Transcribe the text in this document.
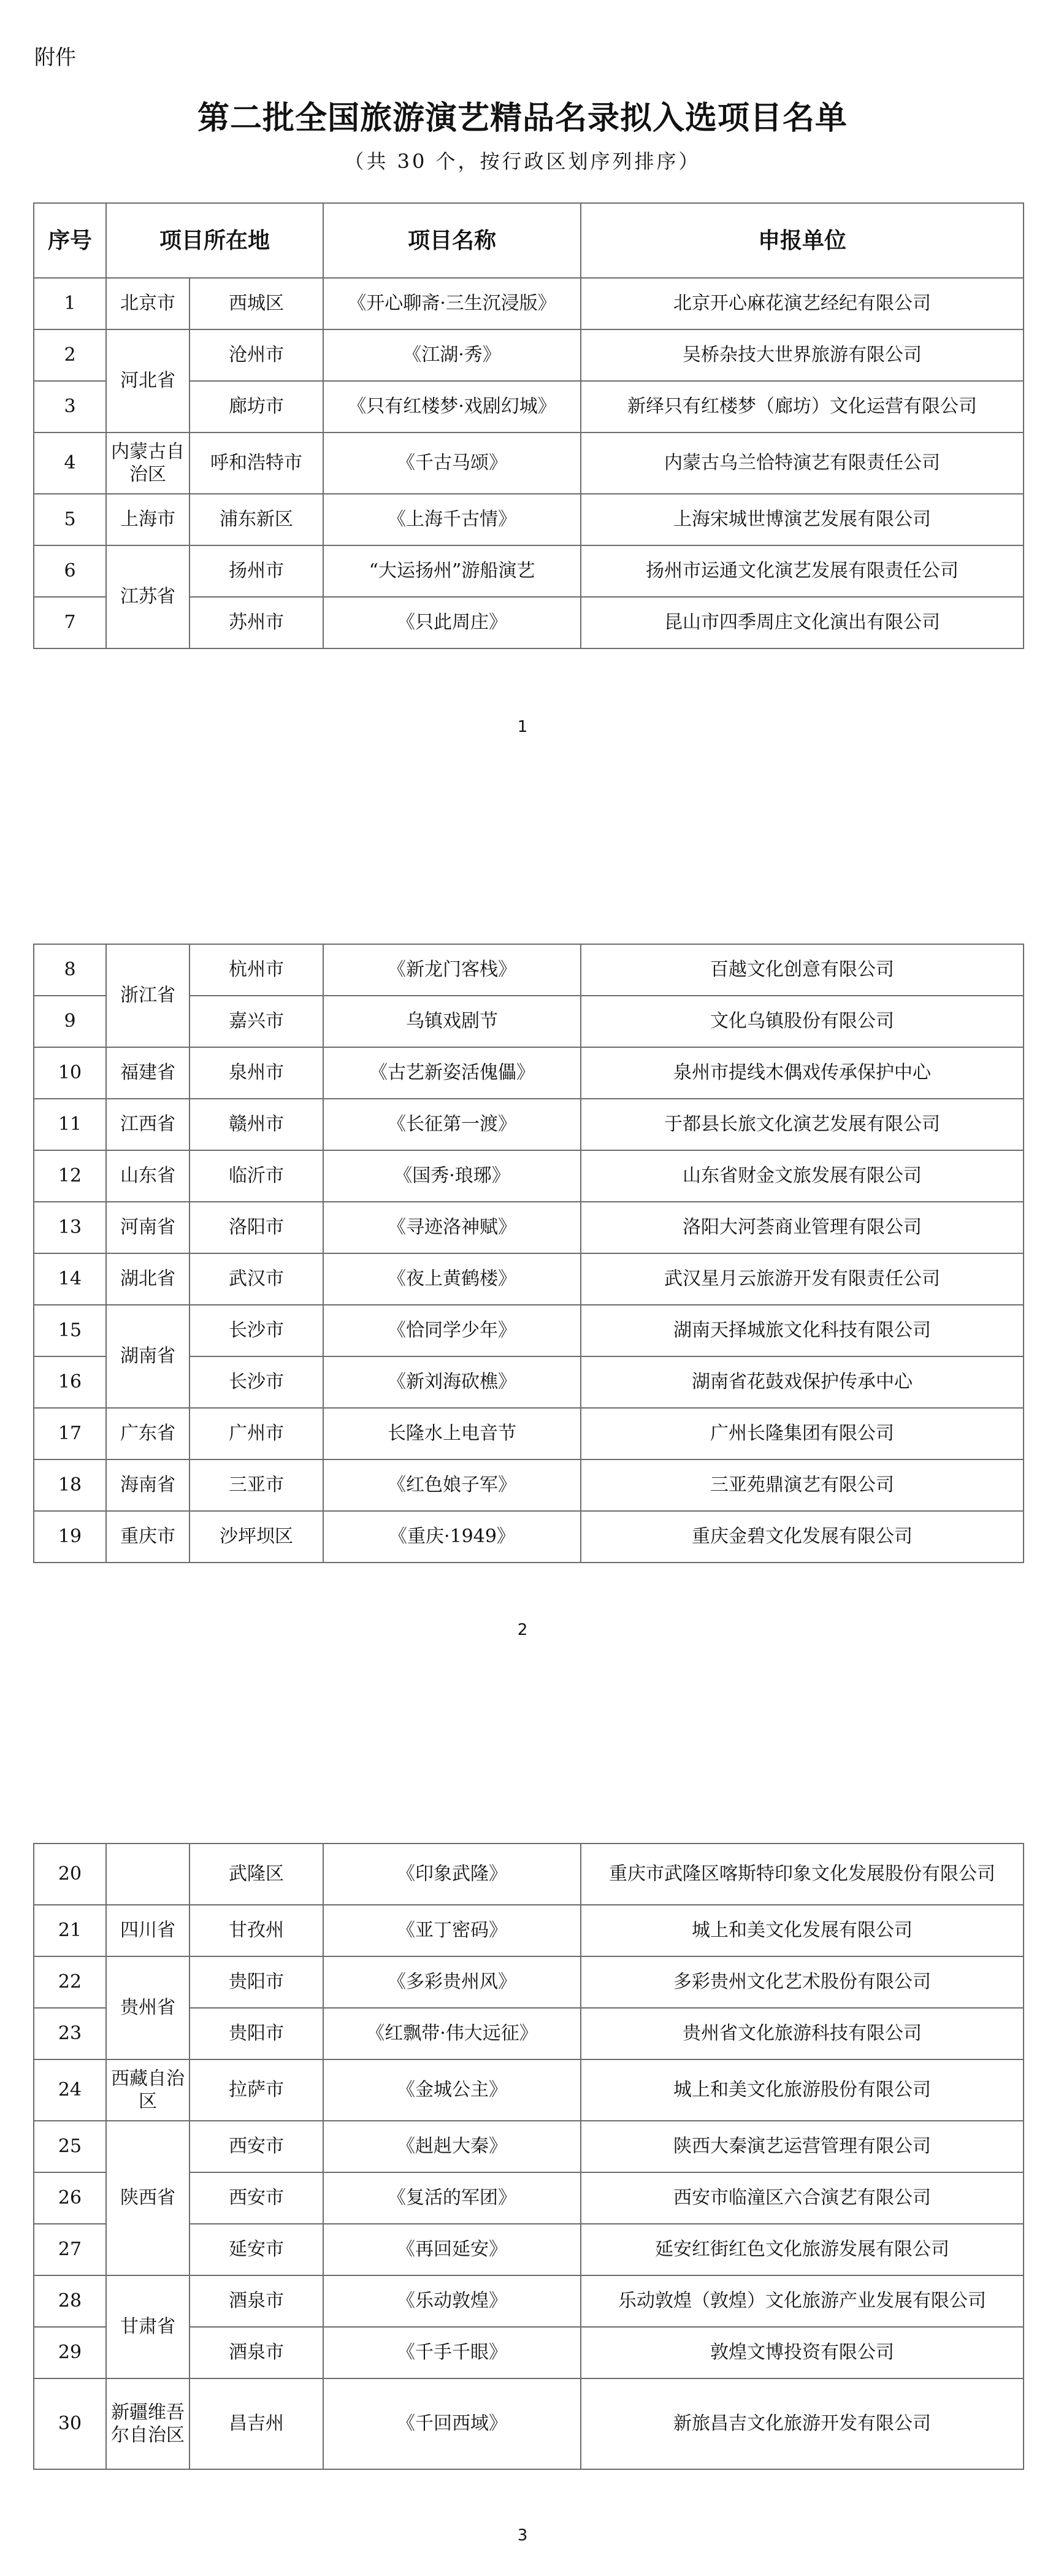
附件
第二批全国旅游演艺精品名录拟入选项目名单
（共 30 个，按行政区划序列排序）
序号	项目所在地		项目名称	申报单位
1	北京市	西城区	《开心聊斋·三生沉浸版》	北京开心麻花演艺经纪有限公司
2	河北省	沧州市	《江湖·秀》	吴桥杂技大世界旅游有限公司
3		廊坊市	《只有红楼梦·戏剧幻城》	新绎只有红楼梦（廊坊）文化运营有限公司
4	内蒙古自治区	呼和浩特市	《千古马颂》	内蒙古乌兰恰特演艺有限责任公司
5	上海市	浦东新区	《上海千古情》	上海宋城世博演艺发展有限公司
6	江苏省	扬州市	“大运扬州”游船演艺	扬州市运通文化演艺发展有限责任公司
7		苏州市	《只此周庄》	昆山市四季周庄文化演出有限公司
1
8	浙江省	杭州市	《新龙门客栈》	百越文化创意有限公司
9		嘉兴市	乌镇戏剧节	文化乌镇股份有限公司
10	福建省	泉州市	《古艺新姿活傀儡》	泉州市提线木偶戏传承保护中心
11	江西省	赣州市	《长征第一渡》	于都县长旅文化演艺发展有限公司
12	山东省	临沂市	《国秀·琅琊》	山东省财金文旅发展有限公司
13	河南省	洛阳市	《寻迹洛神赋》	洛阳大河荟商业管理有限公司
14	湖北省	武汉市	《夜上黄鹤楼》	武汉星月云旅游开发有限责任公司
15	湖南省	长沙市	《恰同学少年》	湖南天择城旅文化科技有限公司
16		长沙市	《新刘海砍樵》	湖南省花鼓戏保护传承中心
17	广东省	广州市	长隆水上电音节	广州长隆集团有限公司
18	海南省	三亚市	《红色娘子军》	三亚苑鼎演艺有限公司
19	重庆市	沙坪坝区	《重庆·1949》	重庆金碧文化发展有限公司
2
20		武隆区	《印象武隆》	重庆市武隆区喀斯特印象文化发展股份有限公司
21	四川省	甘孜州	《亚丁密码》	城上和美文化发展有限公司
22	贵州省	贵阳市	《多彩贵州风》	多彩贵州文化艺术股份有限公司
23		贵阳市	《红飘带·伟大远征》	贵州省文化旅游科技有限公司
24	西藏自治区	拉萨市	《金城公主》	城上和美文化旅游股份有限公司
25	陕西省	西安市	《赳赳大秦》	陕西大秦演艺运营管理有限公司
26		西安市	《复活的军团》	西安市临潼区六合演艺有限公司
27		延安市	《再回延安》	延安红街红色文化旅游发展有限公司
28	甘肃省	酒泉市	《乐动敦煌》	乐动敦煌（敦煌）文化旅游产业发展有限公司
29		酒泉市	《千手千眼》	敦煌文博投资有限公司
30	新疆维吾尔自治区	昌吉州	《千回西域》	新旅昌吉文化旅游开发有限公司
3
